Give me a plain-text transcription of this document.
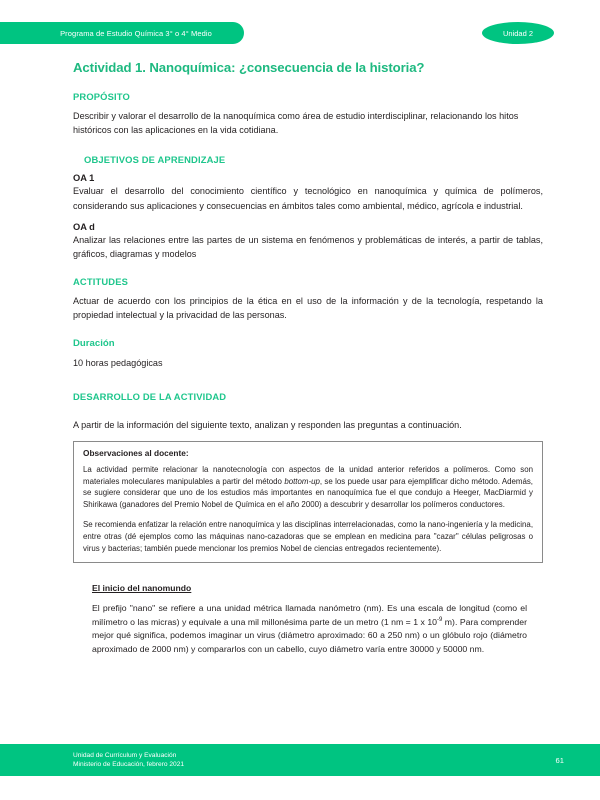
Programa de Estudio Química 3° o 4° Medio	Unidad 2
Actividad 1. Nanoquímica: ¿consecuencia de la historia?
PROPÓSITO

Describir y valorar el desarrollo de la nanoquímica como área de estudio interdisciplinar, relacionando los hitos históricos con las aplicaciones en la vida cotidiana.

OBJETIVOS DE APRENDIZAJE
OA 1

Evaluar el desarrollo del conocimiento científico y tecnológico en nanoquímica y química de polímeros, considerando sus aplicaciones y consecuencias en ámbitos tales como ambiental, médico, agrícola e industrial.

OA d

Analizar las relaciones entre las partes de un sistema en fenómenos y problemáticas de interés, a partir de tablas, gráficos, diagramas y modelos

ACTITUDES

Actuar de acuerdo con los principios de la ética en el uso de la información y de la tecnología, respetando la propiedad intelectual y la privacidad de las personas.

Duración

10 horas pedagógicas

DESARROLLO DE LA ACTIVIDAD

A partir de la información del siguiente texto, analizan y responden las preguntas a continuación.

Observaciones al docente:

La actividad permite relacionar la nanotecnología con aspectos de la unidad anterior referidos a polímeros. Como son materiales moleculares manipulables a partir del método bottom-up, se los puede usar para ejemplificar dicho método. Además, se sugiere considerar que uno de los estudios más importantes en nanoquímica fue el que condujo a Heeger, MacDiarmid y Shirikawa (ganadores del Premio Nobel de Química en el año 2000) a descubrir y desarrollar los polímeros conductores.

Se recomienda enfatizar la relación entre nanoquímica y las disciplinas interrelacionadas, como la nano-ingeniería y la medicina, entre otras (dé ejemplos como las máquinas nano-cazadoras que se emplean en medicina para "cazar" células peligrosas o virus y bacterias; también puede mencionar los premios Nobel de ciencias entregados recientemente).

El inicio del nanomundo

El prefijo "nano" se refiere a una unidad métrica llamada nanómetro (nm). Es una escala de longitud (como el milímetro o las micras) y equivale a una mil millonésima parte de un metro (1 nm = 1 x $10^{-9}$ m). Para comprender mejor qué significa, podemos imaginar un virus (diámetro aproximado: 60 a 250 nm) o un glóbulo rojo (diámetro aproximado de 2000 nm) y compararlos con un cabello, cuyo diámetro varía entre 30000 y 50000 nm.

Unidad de Currículum y Evaluación
Ministerio de Educación, febrero 2021	61
